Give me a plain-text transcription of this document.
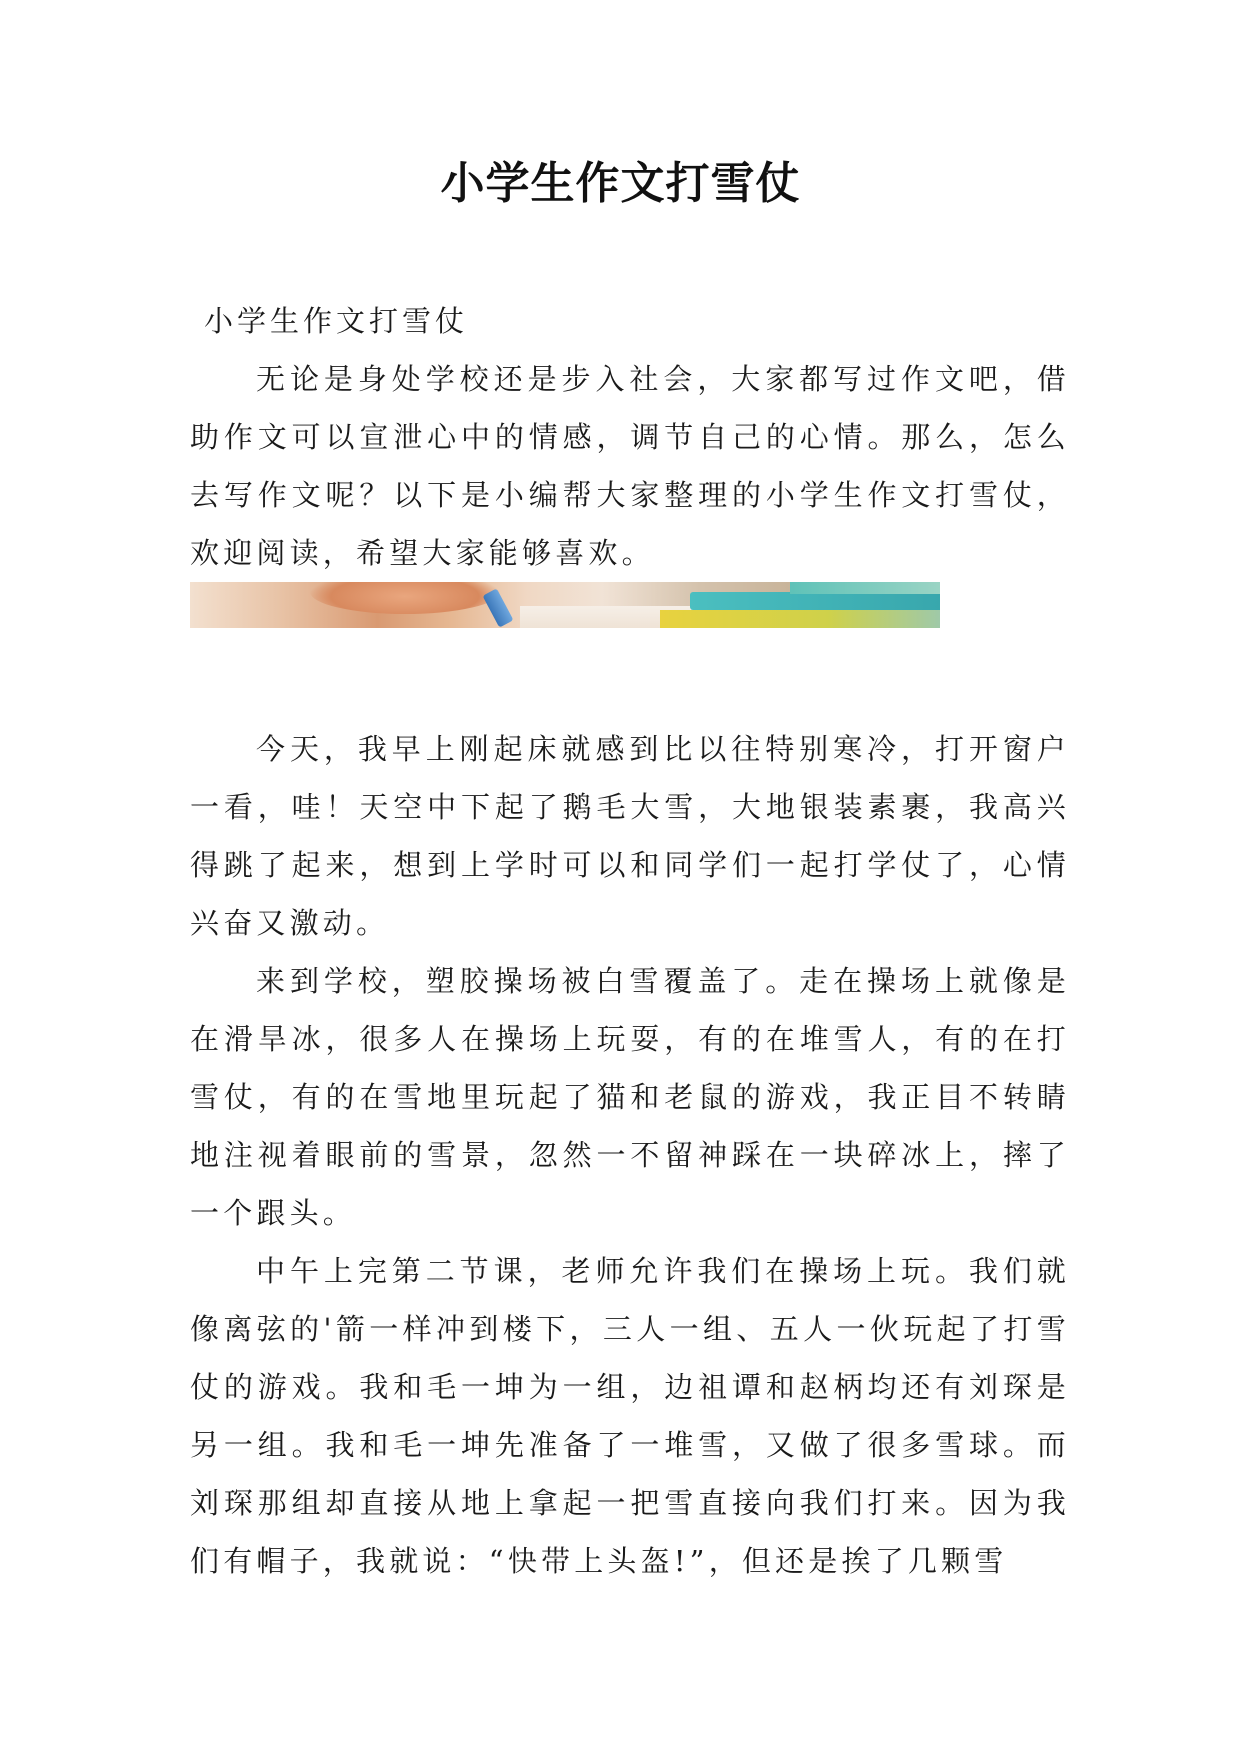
小学生作文打雪仗

小学生作文打雪仗

无论是身处学校还是步入社会，大家都写过作文吧，借助作文可以宣泄心中的情感，调节自己的心情。那么，怎么去写作文呢？以下是小编帮大家整理的小学生作文打雪仗，欢迎阅读，希望大家能够喜欢。

今天，我早上刚起床就感到比以往特别寒冷，打开窗户一看，哇！天空中下起了鹅毛大雪，大地银装素裹，我高兴得跳了起来，想到上学时可以和同学们一起打学仗了，心情兴奋又激动。

来到学校，塑胶操场被白雪覆盖了。走在操场上就像是在滑旱冰，很多人在操场上玩耍，有的在堆雪人，有的在打雪仗，有的在雪地里玩起了猫和老鼠的游戏，我正目不转睛地注视着眼前的雪景，忽然一不留神踩在一块碎冰上，摔了一个跟头。

中午上完第二节课，老师允许我们在操场上玩。我们就像离弦的'箭一样冲到楼下，三人一组、五人一伙玩起了打雪仗的游戏。我和毛一坤为一组，边祖谭和赵柄均还有刘琛是另一组。我和毛一坤先准备了一堆雪，又做了很多雪球。而刘琛那组却直接从地上拿起一把雪直接向我们打来。因为我们有帽子，我就说：“快带上头盔!”，但还是挨了几颗雪
